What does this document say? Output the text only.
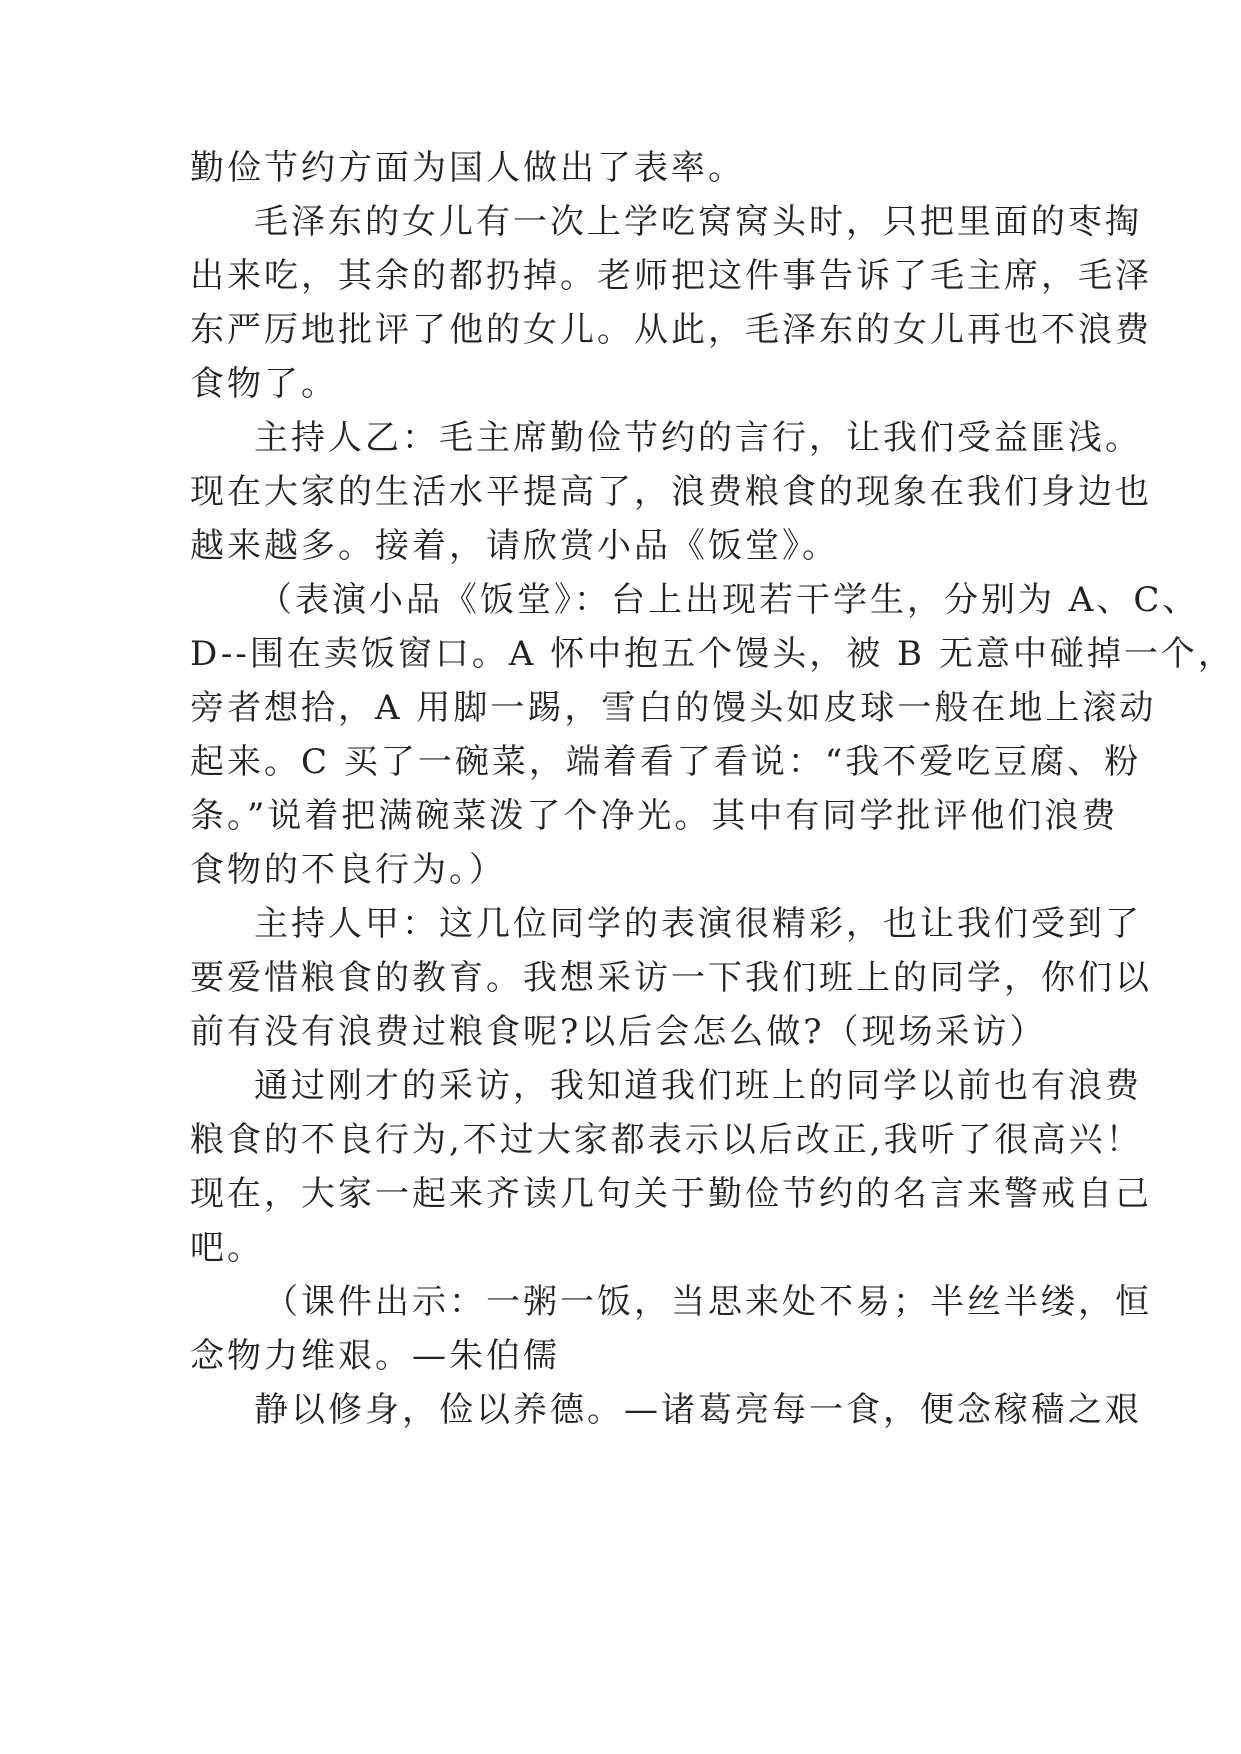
勤俭节约方面为国人做出了表率。
毛泽东的女儿有一次上学吃窝窝头时，只把里面的枣掏
出来吃，其余的都扔掉。老师把这件事告诉了毛主席，毛泽
东严厉地批评了他的女儿。从此，毛泽东的女儿再也不浪费
食物了。
主持人乙：毛主席勤俭节约的言行，让我们受益匪浅。
现在大家的生活水平提高了，浪费粮食的现象在我们身边也
越来越多。接着，请欣赏小品《饭堂》。
（表演小品《饭堂》：台上出现若干学生，分别为 A、C、
D--围在卖饭窗口。A 怀中抱五个馒头，被 B 无意中碰掉一个，
旁者想拾，A 用脚一踢，雪白的馒头如皮球一般在地上滚动
起来。C 买了一碗菜，端着看了看说：“我不爱吃豆腐、粉
条。”说着把满碗菜泼了个净光。其中有同学批评他们浪费
食物的不良行为。）
主持人甲：这几位同学的表演很精彩，也让我们受到了
要爱惜粮食的教育。我想采访一下我们班上的同学，你们以
前有没有浪费过粮食呢?以后会怎么做?（现场采访）
通过刚才的采访，我知道我们班上的同学以前也有浪费
粮食的不良行为,不过大家都表示以后改正,我听了很高兴！
现在，大家一起来齐读几句关于勤俭节约的名言来警戒自己
吧。
（课件出示：一粥一饭，当思来处不易；半丝半缕，恒
念物力维艰。—朱伯儒
静以修身，俭以养德。—诸葛亮每一食，便念稼穑之艰
